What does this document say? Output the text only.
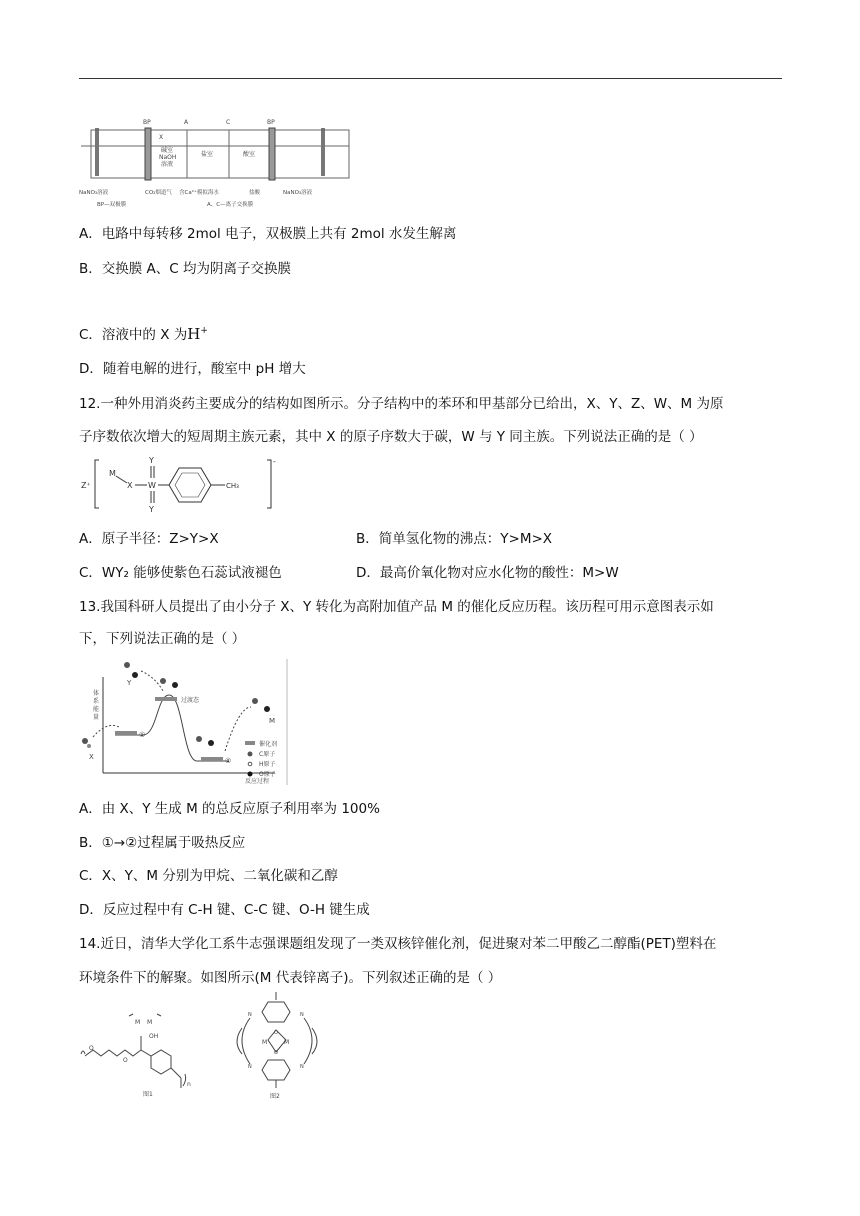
BP	A	C	BP
X
碱室 NaOH 溶液
盐室	酸室
NaNO₃溶液	CO₂烟道气 含Ca²⁺模拟海水	盐酸	NaNO₃溶液
BP—双极膜	A、C—离子交换膜
A．电路中每转移 2mol 电子，双极膜上共有 2mol 水发生解离
B．交换膜 A、C 均为阴离子交换膜
C．溶液中的 X 为H+
D．随着电解的进行，酸室中 pH 增大
12.一种外用消炎药主要成分的结构如图所示。分子结构中的苯环和甲基部分已给出，X、Y、Z、W、M 为原
子序数依次增大的短周期主族元素，其中 X 的原子序数大于碳，W 与 Y 同主族。下列说法正确的是（ ）
Z⁺
-
M
X W
Y
Y
CH₃
A．原子半径：Z>Y>X	B．简单氢化物的沸点：Y>M>X
C．WY₂ 能够使紫色石蕊试液褪色	D．最高价氧化物对应水化物的酸性：M>W
13.我国科研人员提出了由小分子 X、Y 转化为高附加值产品 M 的催化反应历程。该历程可用示意图表示如
下，下列说法正确的是（ ）
体系能量
反应过程
过渡态
①
②
X
Y
M
催化剂
C原子
H原子
O原子
A．由 X、Y 生成 M 的总反应原子利用率为 100%
B．①→②过程属于吸热反应
C．X、Y、M 分别为甲烷、二氧化碳和乙醇
D．反应过程中有 C-H 键、C-C 键、O-H 键生成
14.近日，清华大学化工系牛志强课题组发现了一类双核锌催化剂，促进聚对苯二甲酸乙二醇酯(PET)塑料在
环境条件下的解聚。如图所示(M 代表锌离子)。下列叙述正确的是（ ）
M M
OH
O
O
n
图1
N	N
N	N
M	M
O
O
图2
